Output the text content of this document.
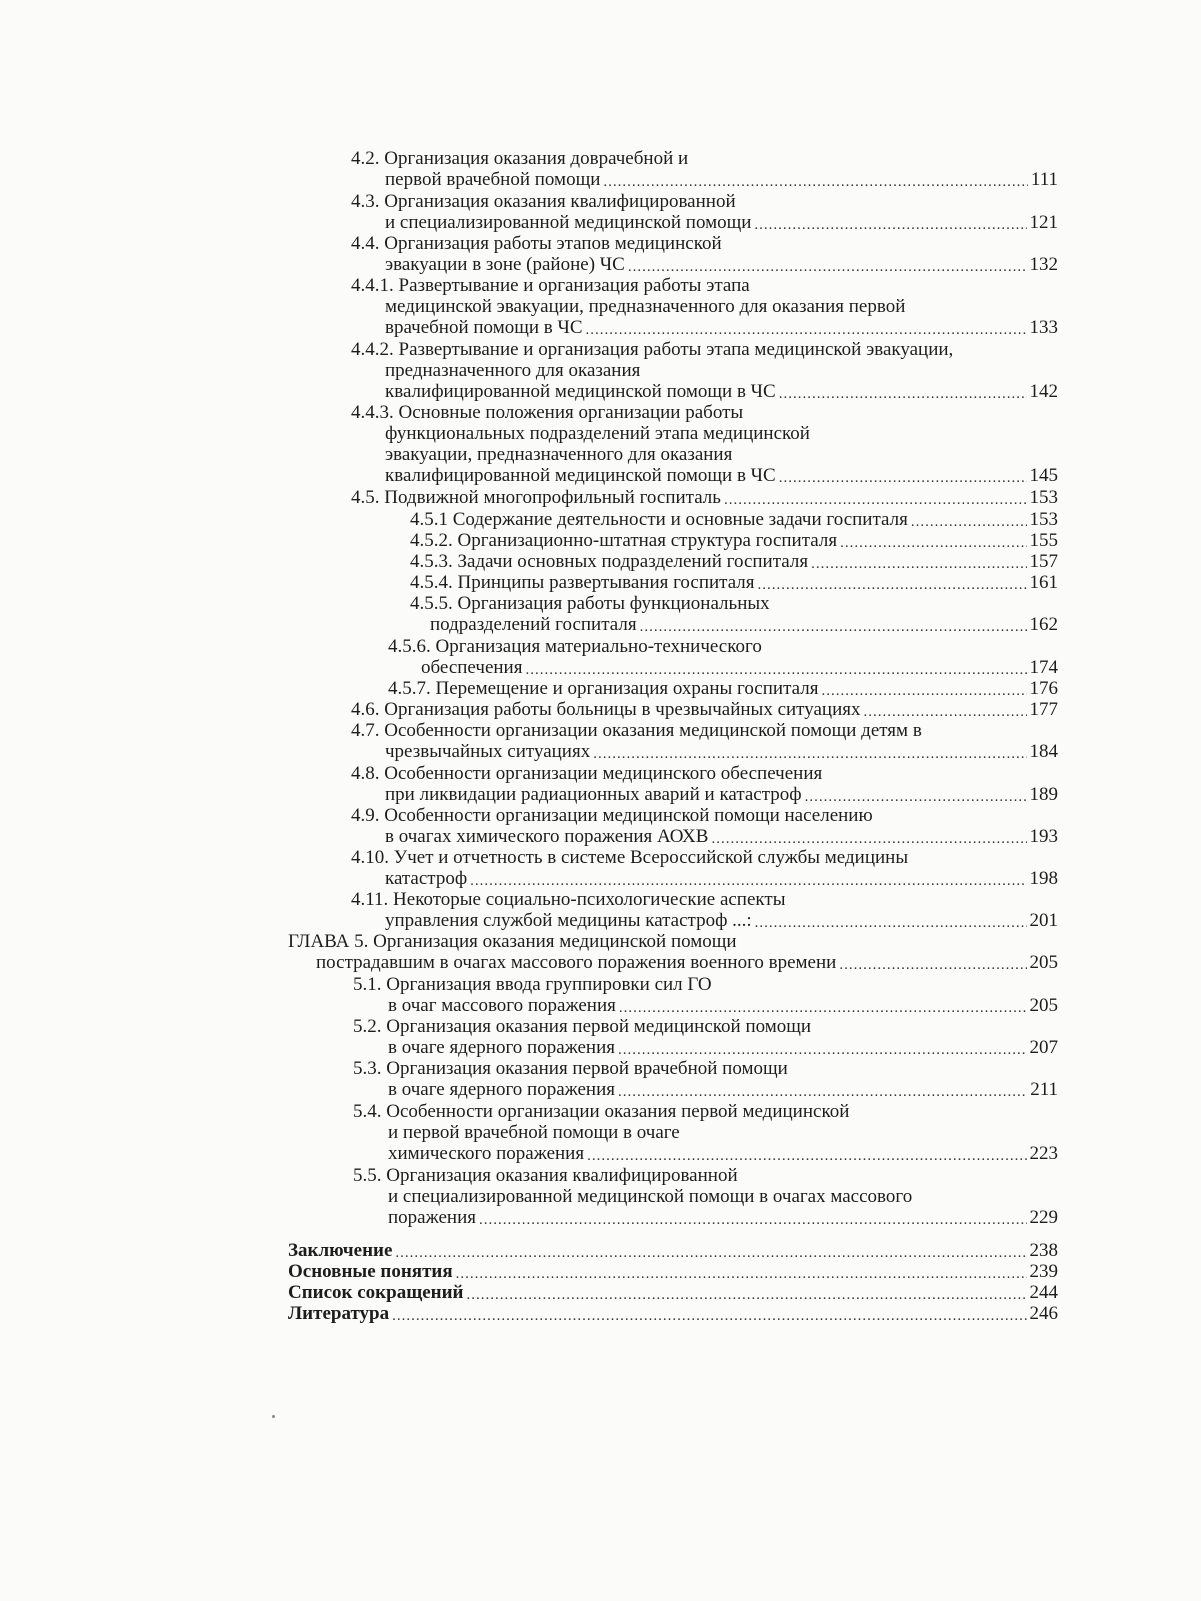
4.2. Организация оказания доврачебной и
первой врачебной помощи .....	111
4.3. Организация оказания квалифицированной
и специализированной медицинской помощи .....	121
4.4. Организация работы этапов медицинской
эвакуации в зоне (районе) ЧС .....	132
4.4.1. Развертывание и организация работы этапа
медицинской эвакуации, предназначенного для оказания первой
врачебной помощи в ЧС .....	133
4.4.2. Развертывание и организация работы этапа медицинской эвакуации,
предназначенного для оказания
квалифицированной медицинской помощи в ЧС .....	142
4.4.3. Основные положения организации работы
функциональных подразделений этапа медицинской
эвакуации, предназначенного для оказания
квалифицированной медицинской помощи в ЧС .....	145
4.5. Подвижной многопрофильный госпиталь .....	153
4.5.1 Содержание деятельности и основные задачи госпиталя .....	153
4.5.2. Организационно-штатная структура госпиталя .....	155
4.5.3. Задачи основных подразделений госпиталя .....	157
4.5.4. Принципы развертывания госпиталя .....	161
4.5.5. Организация работы функциональных
подразделений госпиталя .....	162
4.5.6. Организация материально-технического
обеспечения .....	174
4.5.7. Перемещение и организация охраны госпиталя .....	176
4.6. Организация работы больницы в чрезвычайных ситуациях .....	177
4.7. Особенности организации оказания медицинской помощи детям в
чрезвычайных ситуациях .....	184
4.8. Особенности организации медицинского обеспечения
при ликвидации радиационных аварий и катастроф .....	189
4.9. Особенности организации медицинской помощи населению
в очагах химического поражения АОХВ .....	193
4.10. Учет и отчетность в системе Всероссийской службы медицины
катастроф .....	198
4.11. Некоторые социально-психологические аспекты
управления службой медицины катастроф ...: .....	201
ГЛАВА 5. Организация оказания медицинской помощи
пострадавшим в очагах массового поражения военного времени .....	205
5.1. Организация ввода группировки сил ГО
в очаг массового поражения .....	205
5.2. Организация оказания первой медицинской помощи
в очаге ядерного поражения .....	207
5.3. Организация оказания первой врачебной помощи
в очаге ядерного поражения .....	211
5.4. Особенности организации оказания первой медицинской
и первой врачебной помощи в очаге
химического поражения .....	223
5.5. Организация оказания квалифицированной
и специализированной медицинской помощи в очагах массового
поражения .....	229
Заключение .....	238
Основные понятия .....	239
Список сокращений .....	244
Литература .....	246
